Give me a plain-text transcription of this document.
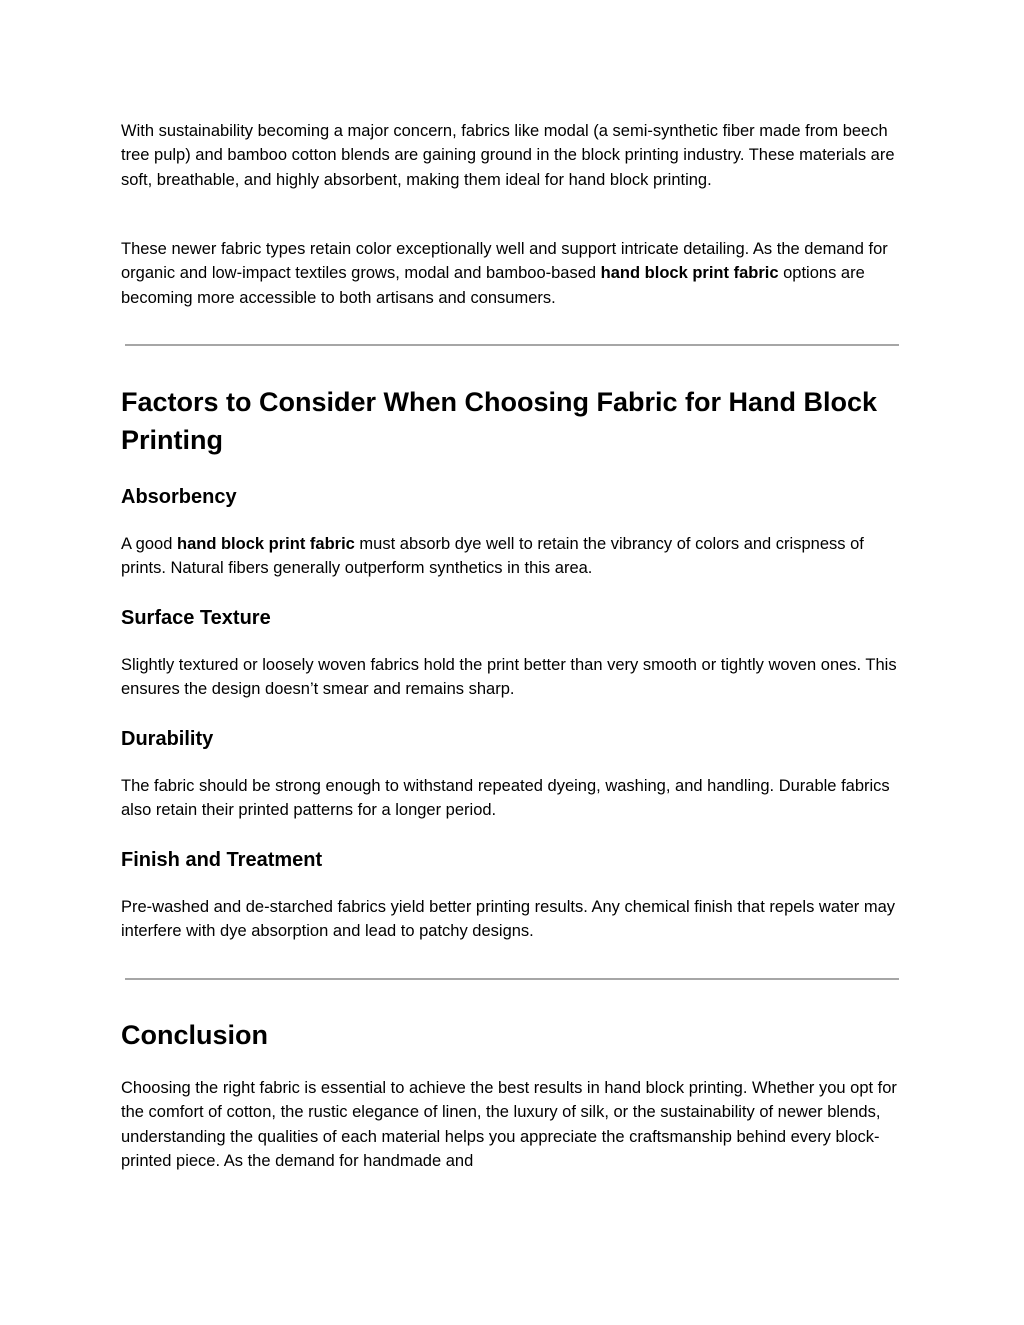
With sustainability becoming a major concern, fabrics like modal (a semi-synthetic fiber made from beech tree pulp) and bamboo cotton blends are gaining ground in the block printing industry. These materials are soft, breathable, and highly absorbent, making them ideal for hand block printing.

These newer fabric types retain color exceptionally well and support intricate detailing. As the demand for organic and low-impact textiles grows, modal and bamboo-based hand block print fabric options are becoming more accessible to both artisans and consumers.

Factors to Consider When Choosing Fabric for Hand Block Printing
Absorbency

A good hand block print fabric must absorb dye well to retain the vibrancy of colors and crispness of prints. Natural fibers generally outperform synthetics in this area.

Surface Texture

Slightly textured or loosely woven fabrics hold the print better than very smooth or tightly woven ones. This ensures the design doesn’t smear and remains sharp.

Durability

The fabric should be strong enough to withstand repeated dyeing, washing, and handling. Durable fabrics also retain their printed patterns for a longer period.

Finish and Treatment

Pre-washed and de-starched fabrics yield better printing results. Any chemical finish that repels water may interfere with dye absorption and lead to patchy designs.

Conclusion

Choosing the right fabric is essential to achieve the best results in hand block printing. Whether you opt for the comfort of cotton, the rustic elegance of linen, the luxury of silk, or the sustainability of newer blends, understanding the qualities of each material helps you appreciate the craftsmanship behind every block-printed piece. As the demand for handmade and
